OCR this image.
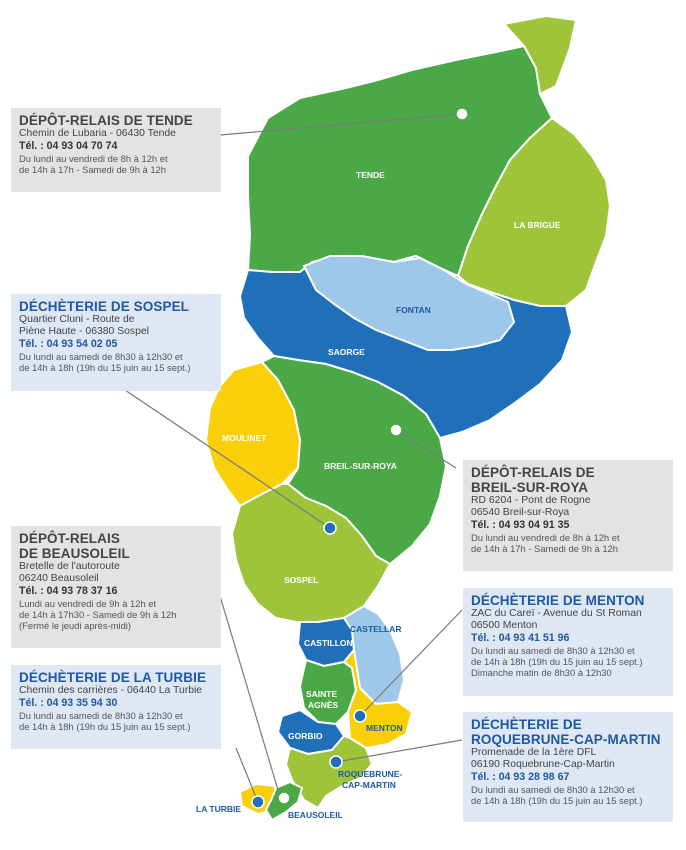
TENDE
LA BRIGUE
FONTAN
SAORGE
MOULINET
BREIL-SUR-ROYA
SOSPEL
CASTILLON
CASTELLAR
SAINTE
AGNÈS
MENTON
GORBIO
ROQUEBRUNE-
CAP-MARTIN
LA TURBIE
BEAUSOLEIL
DÉPÔT-RELAIS DE TENDE
Chemin de Lubaria - 06430 Tende
Tél. : 04 93 04 70 74
Du lundi au vendredi de 8h à 12h et
de 14h à 17h - Samedi de 9h à 12h
DÉCHÈTERIE DE SOSPEL
Quartier Cluni - Route de
Piène Haute - 06380 Sospel
Tél. : 04 93 54 02 05
Du lundi au samedi de 8h30 à 12h30 et
de 14h à 18h (19h du 15 juin au 15 sept.)
DÉPÔT-RELAIS DE
BREIL-SUR-ROYA
RD 6204 - Pont de Rogne
06540 Breil-sur-Roya
Tél. : 04 93 04 91 35
Du lundi au vendredi de 8h à 12h et
de 14h à 17h - Samedi de 9h à 12h
DÉPÔT-RELAIS
DE BEAUSOLEIL
Bretelle de l'autoroute
06240 Beausoleil
Tél. : 04 93 78 37 16
Lundi au vendredi de 9h à 12h et
de 14h à 17h30 - Samedi de 9h à 12h
(Fermé le jeudi après-midi)
DÉCHÈTERIE DE MENTON
ZAC du Careï - Avenue du St Roman
06500 Menton
Tél. : 04 93 41 51 96
Du lundi au samedi de 8h30 à 12h30 et
de 14h à 18h (19h du 15 juin au 15 sept.)
Dimanche matin de 8h30 à 12h30
DÉCHÈTERIE DE LA TURBIE
Chemin des carrières - 06440 La Turbie
Tél. : 04 93 35 94 30
Du lundi au samedi de 8h30 à 12h30 et
de 14h à 18h (19h du 15 juin au 15 sept.)	DÉCHÈTERIE DE
ROQUEBRUNE-CAP-MARTIN
Promenade de la 1ère DFL
06190 Roquebrune-Cap-Martin
Tél. : 04 93 28 98 67
Du lundi au samedi de 8h30 à 12h30 et
de 14h à 18h (19h du 15 juin au 15 sept.)
